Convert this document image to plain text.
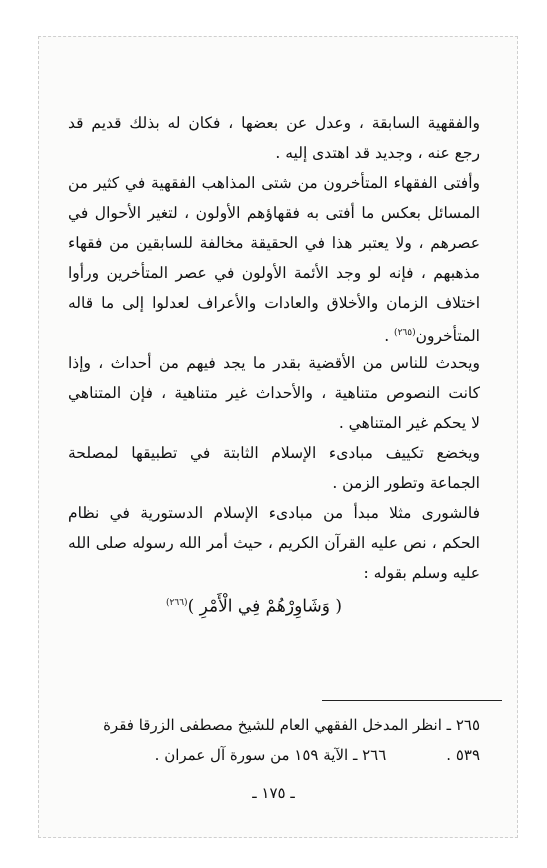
والفقهية السابقة ، وعدل عن بعضها ، فكان له بذلك قديم قد
رجع عنه ، وجديد قد اهتدى إليه .
وأفتى الفقهاء المتأخرون من شتى المذاهب الفقهية في كثير من
المسائل بعكس ما أفتى به فقهاؤهم الأولون ، لتغير الأحوال في
عصرهم ، ولا يعتبر هذا في الحقيقة مخالفة للسابقين من فقهاء
مذهبهم ، فإنه لو وجد الأئمة الأولون في عصر المتأخرين ورأوا
اختلاف الزمان والأخلاق والعادات والأعراف لعدلوا إلى ما قاله
المتأخرون$^{(٢٦٥)}$ .
ويحدث للناس من الأقضية بقدر ما يجد فيهم من أحداث ، وإذا
كانت النصوص متناهية ، والأحداث غير متناهية ، فإن المتناهي
لا يحكم غير المتناهي .
ويخضع تكييف مبادىء الإسلام الثابتة في تطبيقها لمصلحة
الجماعة وتطور الزمن .
فالشورى مثلا مبدأ من مبادىء الإسلام الدستورية في نظام
الحكم ، نص عليه القرآن الكريم ، حيث أمر الله رسوله صلى الله
عليه وسلم بقوله :
( وَشَاوِرْهُمْ فِي الْأَمْرِ )$^{(٢٦٦)}$
٢٦٥ ـ انظر المدخل الفقهي العام للشيخ مصطفى الزرقا فقرة
٥٣٩ .٢٦٦ ـ الآية ١٥٩ من سورة آل عمران .
ـ ١٧٥ ـ
